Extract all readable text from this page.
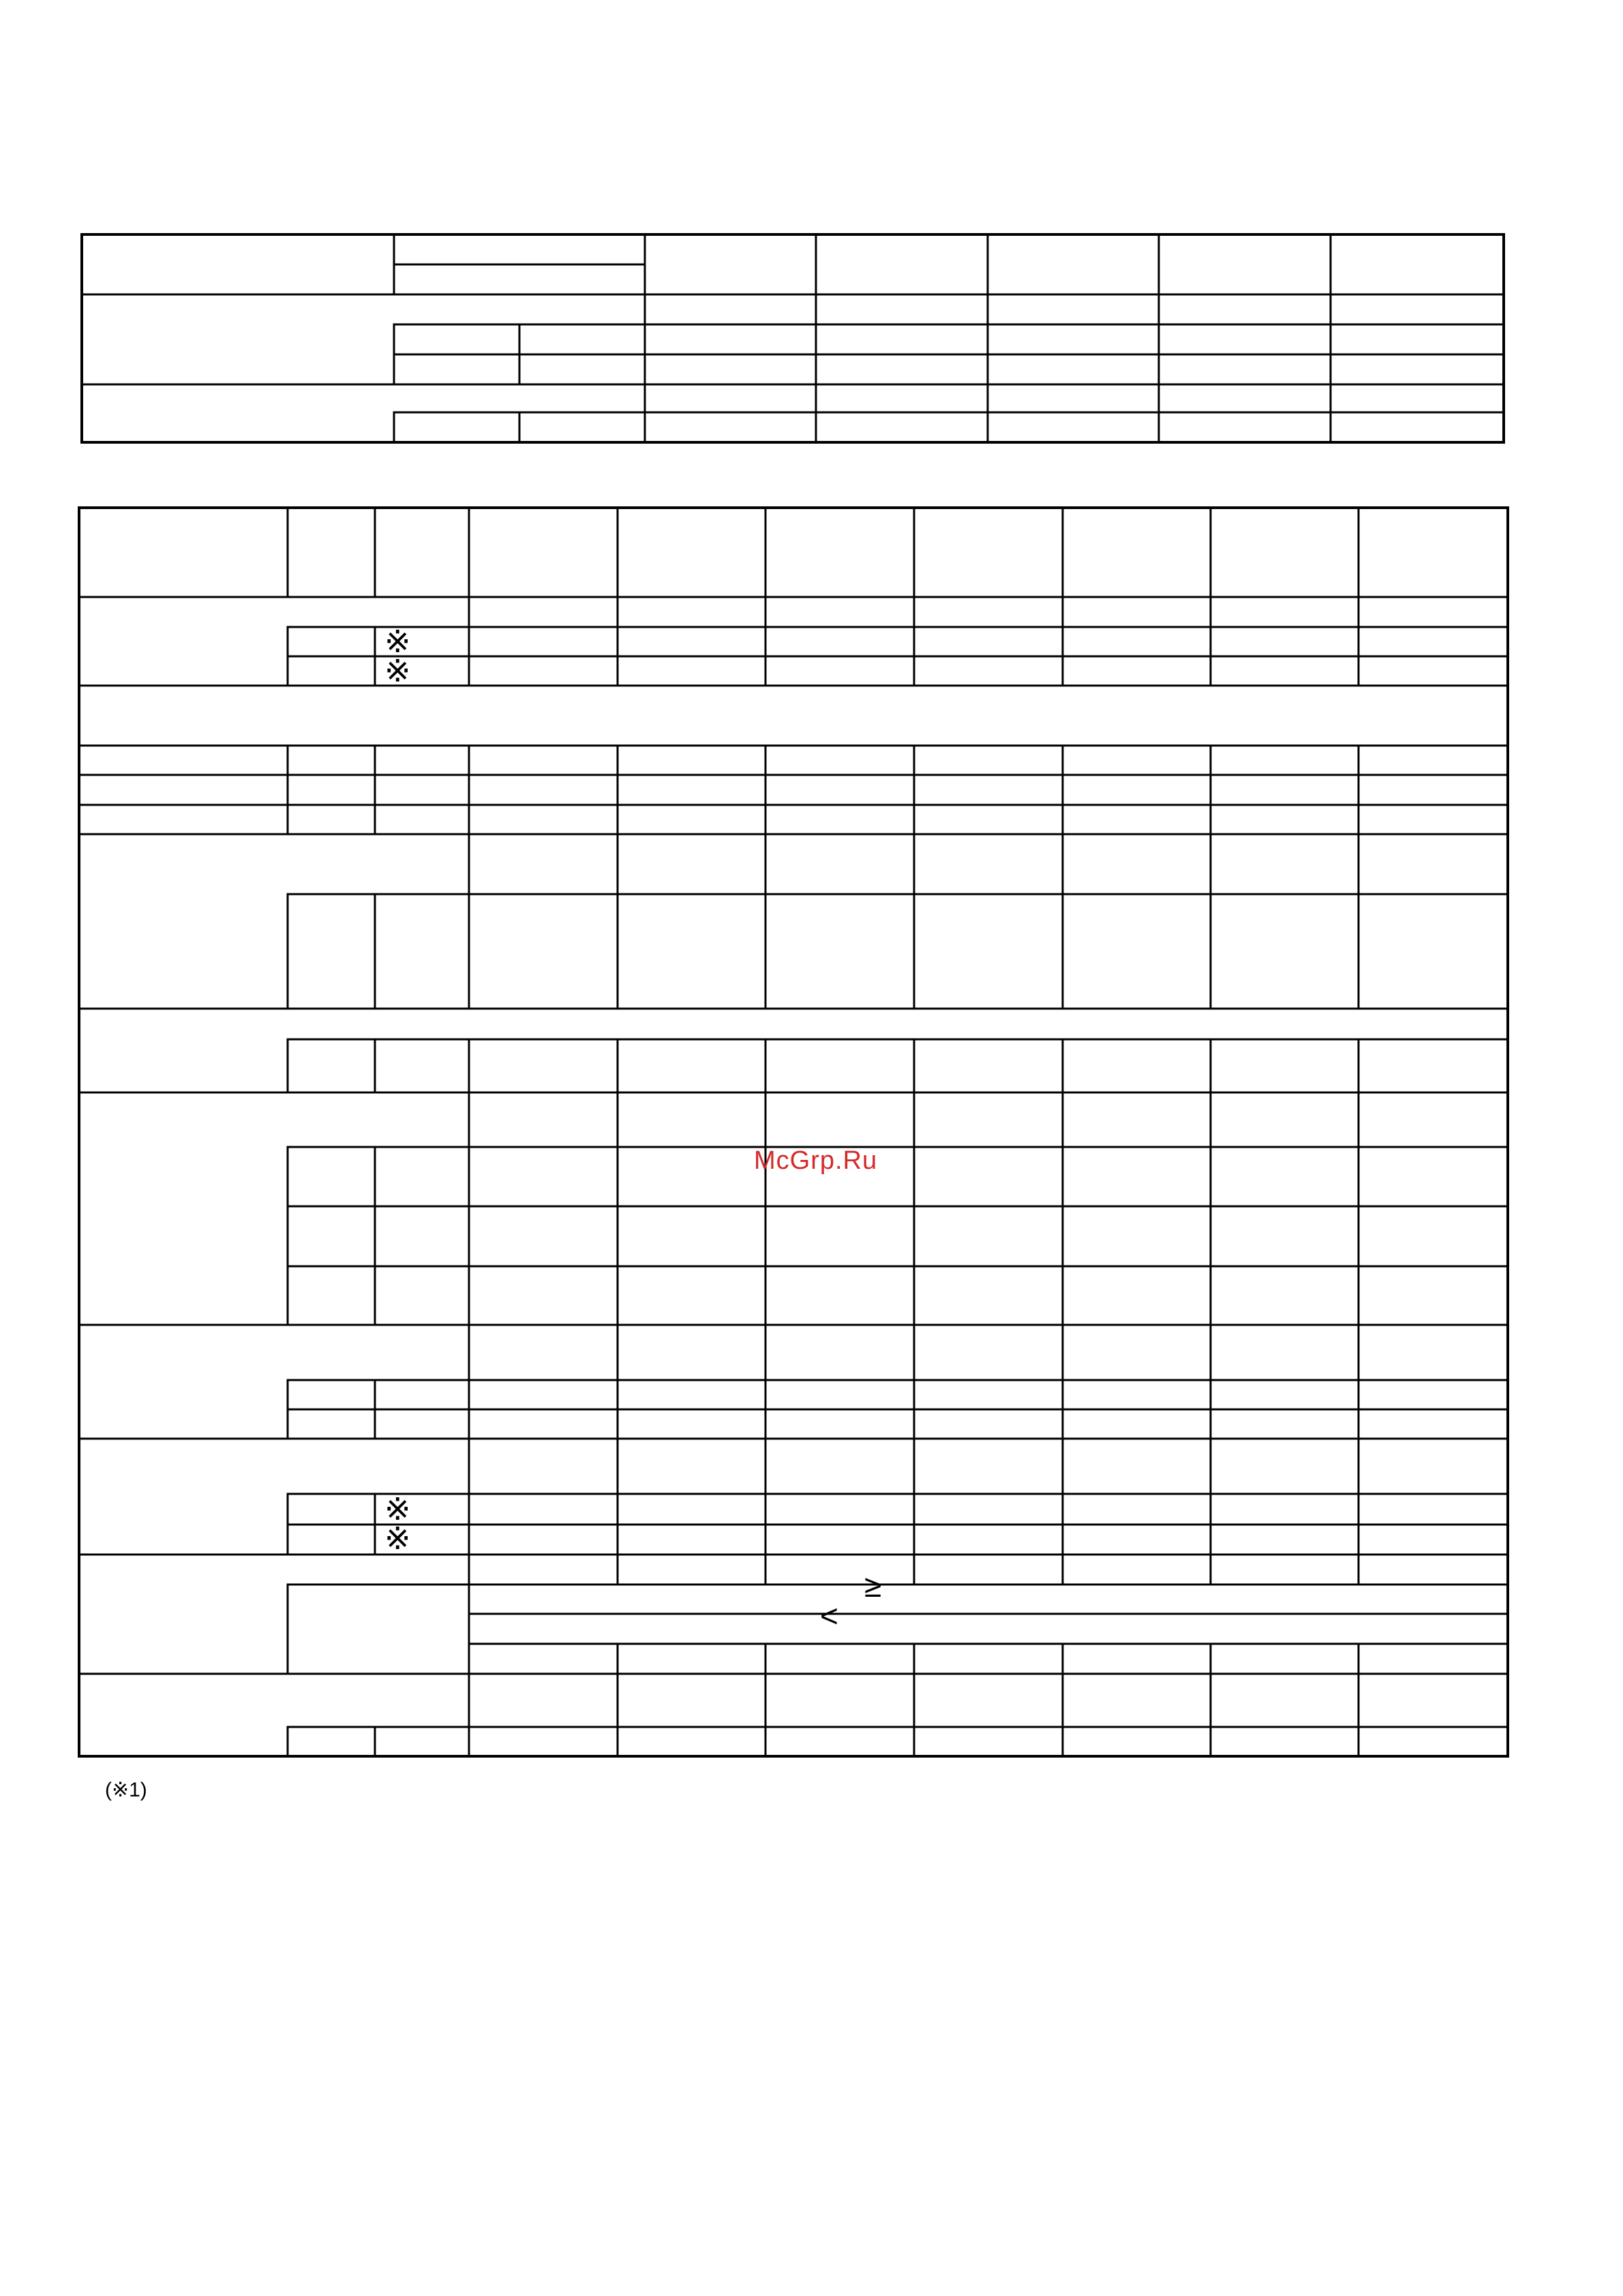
※
※
※
※
≥
<
McGrp.Ru
(※1)
